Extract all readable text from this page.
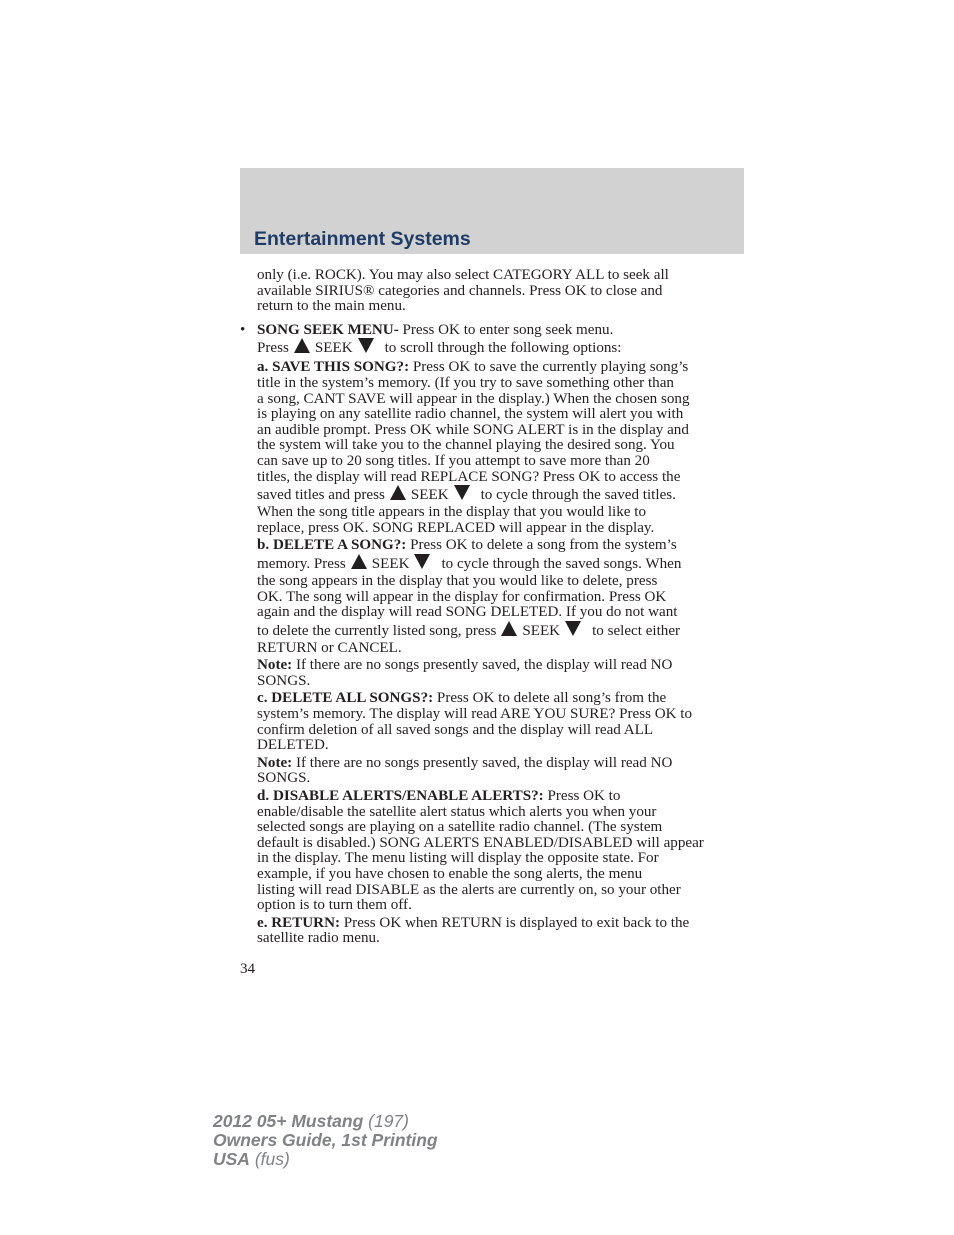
Entertainment Systems
only (i.e. ROCK). You may also select CATEGORY ALL to seek all
available SIRIUS® categories and channels. Press OK to close and
return to the main menu.
• SONG SEEK MENU- Press OK to enter song seek menu.
Press SEEK to scroll through the following options:
a. SAVE THIS SONG?: Press OK to save the currently playing song’s
title in the system’s memory. (If you try to save something other than
a song, CANT SAVE will appear in the display.) When the chosen song
is playing on any satellite radio channel, the system will alert you with
an audible prompt. Press OK while SONG ALERT is in the display and
the system will take you to the channel playing the desired song. You
can save up to 20 song titles. If you attempt to save more than 20
titles, the display will read REPLACE SONG? Press OK to access the
saved titles and press SEEK to cycle through the saved titles.
When the song title appears in the display that you would like to
replace, press OK. SONG REPLACED will appear in the display.
b. DELETE A SONG?: Press OK to delete a song from the system’s
memory. Press SEEK to cycle through the saved songs. When
the song appears in the display that you would like to delete, press
OK. The song will appear in the display for confirmation. Press OK
again and the display will read SONG DELETED. If you do not want
to delete the currently listed song, press SEEK to select either
RETURN or CANCEL.
Note: If there are no songs presently saved, the display will read NO
SONGS.
c. DELETE ALL SONGS?: Press OK to delete all song’s from the
system’s memory. The display will read ARE YOU SURE? Press OK to
confirm deletion of all saved songs and the display will read ALL
DELETED.
Note: If there are no songs presently saved, the display will read NO
SONGS.
d. DISABLE ALERTS/ENABLE ALERTS?: Press OK to
enable/disable the satellite alert status which alerts you when your
selected songs are playing on a satellite radio channel. (The system
default is disabled.) SONG ALERTS ENABLED/DISABLED will appear
in the display. The menu listing will display the opposite state. For
example, if you have chosen to enable the song alerts, the menu
listing will read DISABLE as the alerts are currently on, so your other
option is to turn them off.
e. RETURN: Press OK when RETURN is displayed to exit back to the
satellite radio menu.
34
2012 05+ Mustang (197)
Owners Guide, 1st Printing
USA (fus)
